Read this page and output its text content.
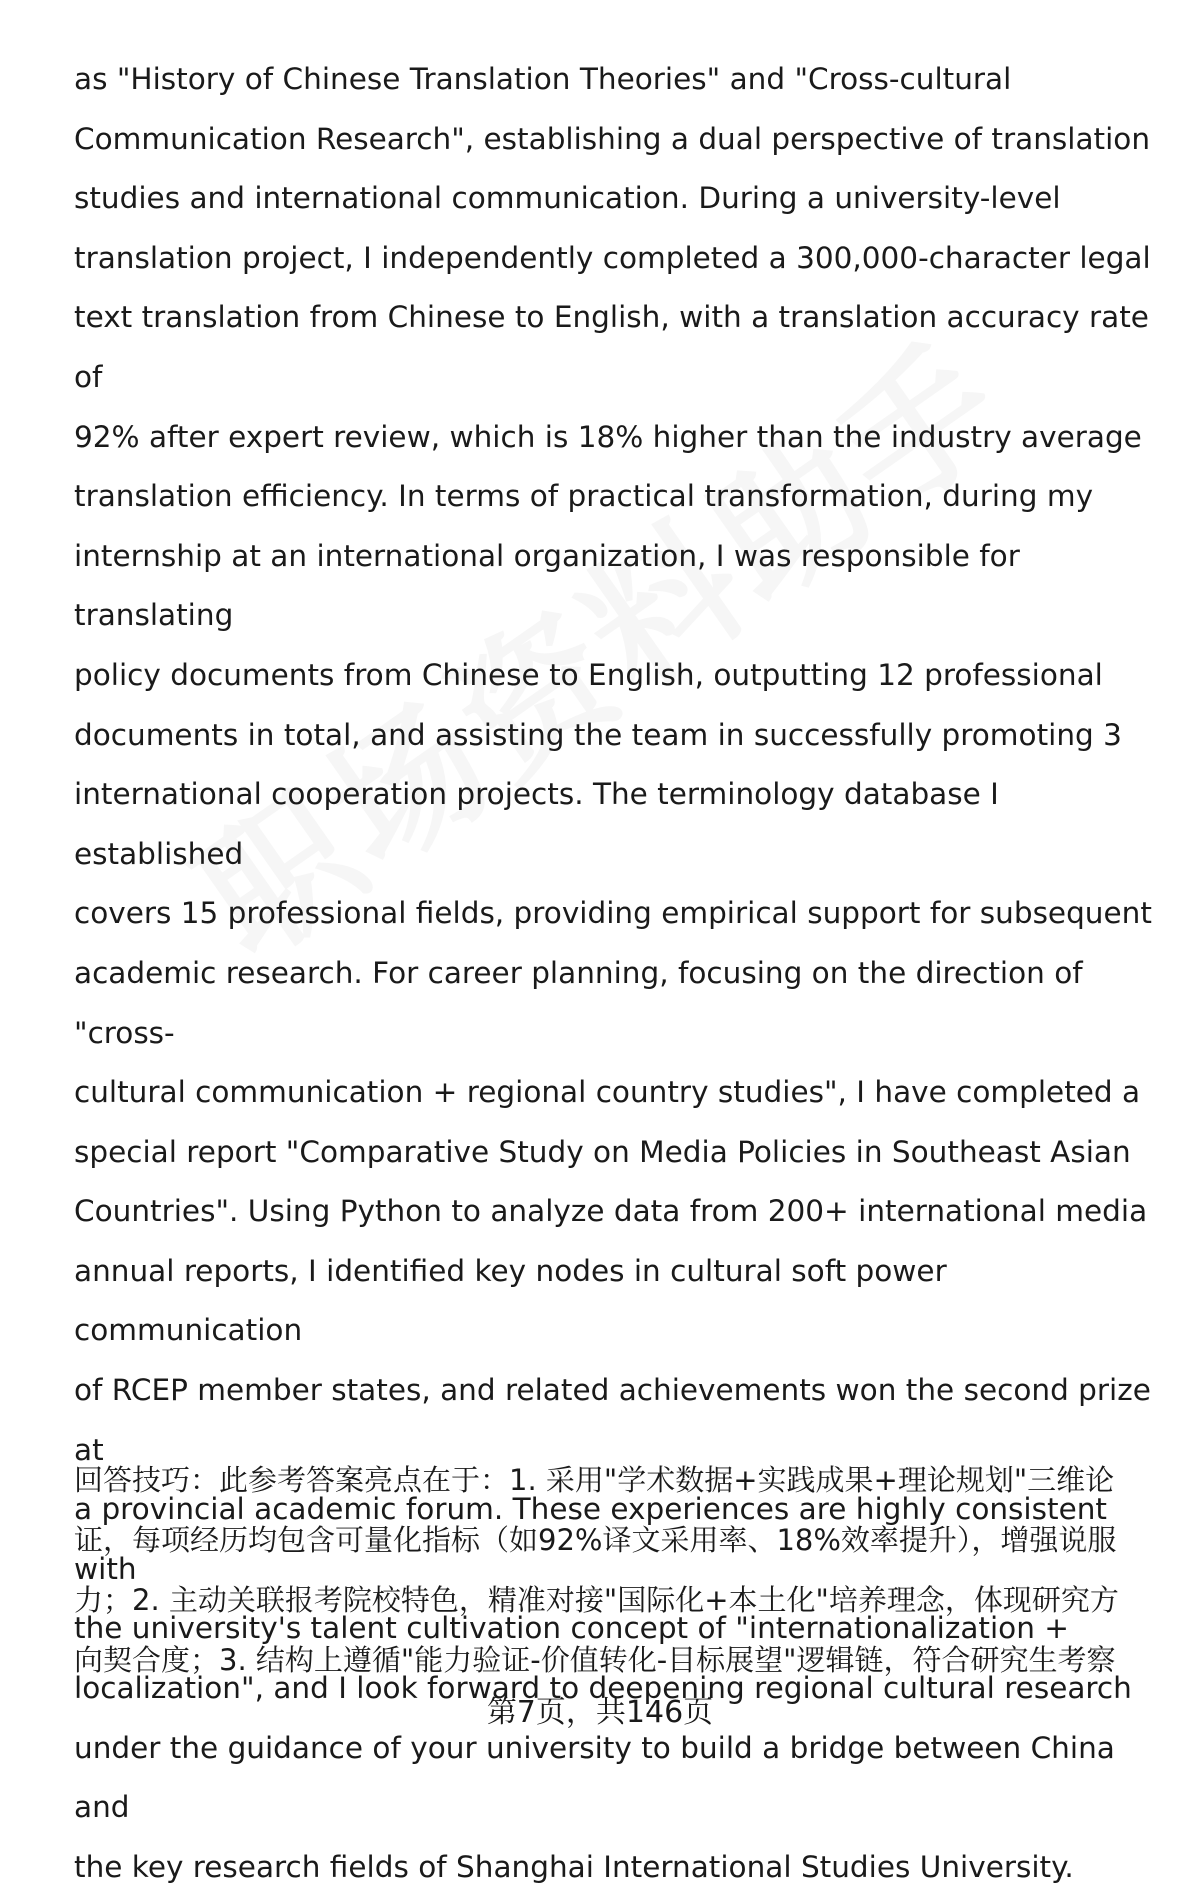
as "History of Chinese Translation Theories" and "Cross-cultural
Communication Research", establishing a dual perspective of translation
studies and international communication. During a university-level
translation project, I independently completed a 300,000-character legal
text translation from Chinese to English, with a translation accuracy rate of
92% after expert review, which is 18% higher than the industry average
translation efficiency. In terms of practical transformation, during my
internship at an international organization, I was responsible for translating
policy documents from Chinese to English, outputting 12 professional
documents in total, and assisting the team in successfully promoting 3
international cooperation projects. The terminology database I established
covers 15 professional fields, providing empirical support for subsequent
academic research. For career planning, focusing on the direction of "cross-
cultural communication + regional country studies", I have completed a
special report "Comparative Study on Media Policies in Southeast Asian
Countries". Using Python to analyze data from 200+ international media
annual reports, I identified key nodes in cultural soft power communication
of RCEP member states, and related achievements won the second prize at
a provincial academic forum. These experiences are highly consistent with
the university's talent cultivation concept of "internationalization +
localization", and I look forward to deepening regional cultural research
under the guidance of your university to build a bridge between China and
the key research fields of Shanghai International Studies University.

回答技巧：此参考答案亮点在于：1. 采用"学术数据+实践成果+理论规划"三维论
证，每项经历均包含可量化指标（如92%译文采用率、18%效率提升），增强说服
力；2. 主动关联报考院校特色，精准对接"国际化+本土化"培养理念，体现研究方
向契合度；3. 结构上遵循"能力验证-价值转化-目标展望"逻辑链，符合研究生考察

第7页，共146页
